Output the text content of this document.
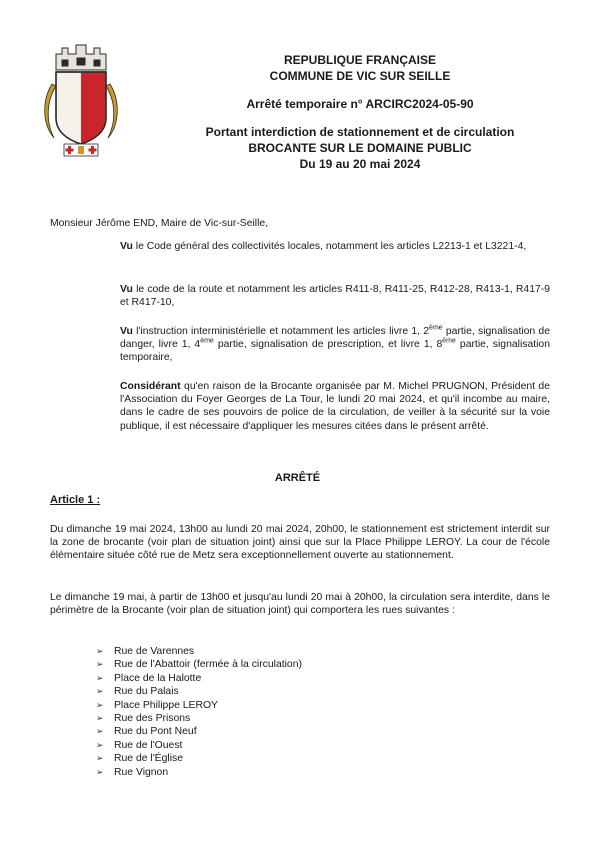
REPUBLIQUE FRANÇAISE

COMMUNE DE VIC SUR SEILLE

Arrêté temporaire n° ARCIRC2024-05-90

Portant interdiction de stationnement et de circulation

BROCANTE SUR LE DOMAINE PUBLIC

Du 19 au 20 mai 2024

Monsieur Jérôme END, Maire de Vic-sur-Seille,
Vu le Code général des collectivités locales, notamment les articles L2213-1 et L3221-4,
Vu le code de la route et notamment les articles R411-8, R411-25, R412-28, R413-1, R417-9 et R417-10,
Vu l'instruction interministérielle et notamment les articles livre 1, 2ème partie, signalisation de danger, livre 1, 4ème partie, signalisation de prescription, et livre 1, 8ème partie, signalisation temporaire,
Considérant qu'en raison de la Brocante organisée par M. Michel PRUGNON, Président de l'Association du Foyer Georges de La Tour, le lundi 20 mai 2024, et qu'il incombe au maire, dans le cadre de ses pouvoirs de police de la circulation, de veiller à la sécurité sur la voie publique, il est nécessaire d'appliquer les mesures citées dans le présent arrêté.
ARRÊTÉ
Article 1 :
Du dimanche 19 mai 2024, 13h00 au lundi 20 mai 2024, 20h00, le stationnement est strictement interdit sur la zone de brocante (voir plan de situation joint) ainsi que sur la Place Philippe LEROY. La cour de l'école élémentaire située côté rue de Metz sera exceptionnellement ouverte au stationnement.
Le dimanche 19 mai, à partir de 13h00 et jusqu'au lundi 20 mai à 20h00, la circulation sera interdite, dans le périmètre de la Brocante (voir plan de situation joint) qui comportera les rues suivantes :
➢	Rue de Varennes
➢	Rue de l'Abattoir (fermée à la circulation)
➢	Place de la Halotte
➢	Rue du Palais
➢	Place Philippe LEROY
➢	Rue des Prisons
➢	Rue du Pont Neuf
➢	Rue de l'Ouest
➢	Rue de l'Église
➢	Rue Vignon
